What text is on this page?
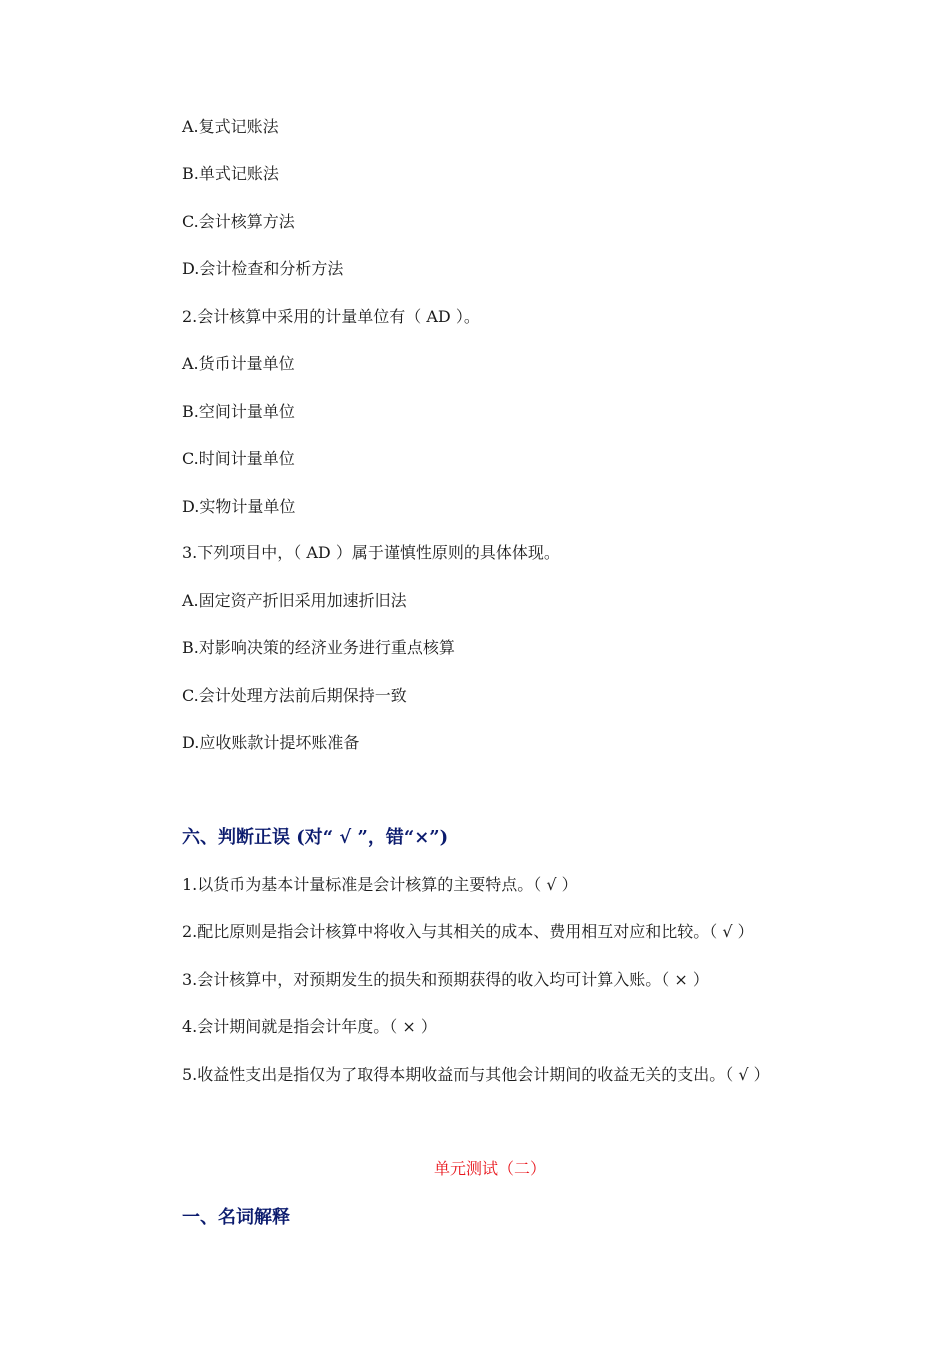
A.复式记账法
B.单式记账法
C.会计核算方法
D.会计检查和分析方法
2.会计核算中采用的计量单位有（ AD ）。
A.货币计量单位
B.空间计量单位
C.时间计量单位
D.实物计量单位
3.下列项目中，（ AD ）属于谨慎性原则的具体体现。
A.固定资产折旧采用加速折旧法
B.对影响决策的经济业务进行重点核算
C.会计处理方法前后期保持一致
D.应收账款计提坏账准备
六、判断正误 (对“ √ ”，错“×”)
1.以货币为基本计量标准是会计核算的主要特点。（ √ ）
2.配比原则是指会计核算中将收入与其相关的成本、费用相互对应和比较。（ √ ）
3.会计核算中，对预期发生的损失和预期获得的收入均可计算入账。（ × ）
4.会计期间就是指会计年度。（ × ）
5.收益性支出是指仅为了取得本期收益而与其他会计期间的收益无关的支出。（ √ ）
单元测试（二）
一、名词解释
